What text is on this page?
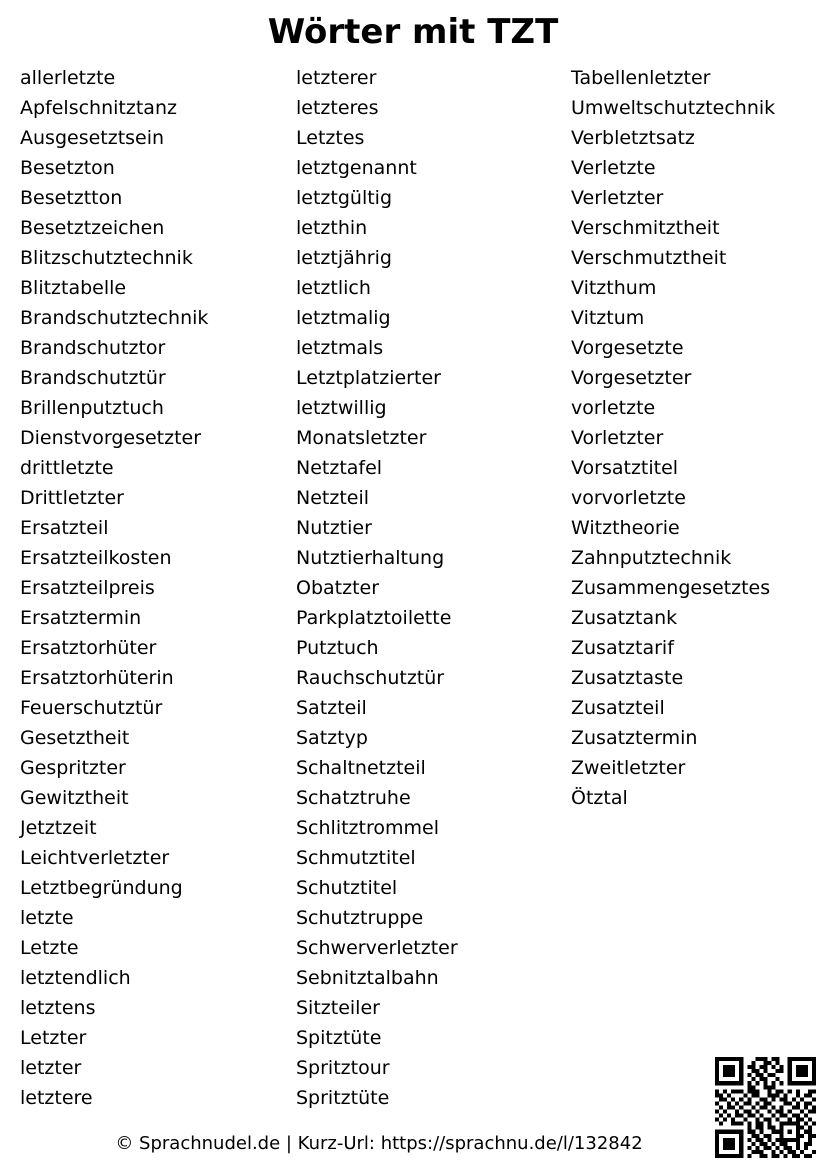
Wörter mit TZT
allerletzte
Apfelschnitztanz
Ausgesetztsein
Besetzton
Besetztton
Besetztzeichen
Blitzschutztechnik
Blitztabelle
Brandschutztechnik
Brandschutztor
Brandschutztür
Brillenputztuch
Dienstvorgesetzter
drittletzte
Drittletzter
Ersatzteil
Ersatzteilkosten
Ersatzteilpreis
Ersatztermin
Ersatztorhüter
Ersatztorhüterin
Feuerschutztür
Gesetztheit
Gespritzter
Gewitztheit
Jetztzeit
Leichtverletzter
Letztbegründung
letzte
Letzte
letztendlich
letztens
Letzter
letzter
letztere
letzterer
letzteres
Letztes
letztgenannt
letztgültig
letzthin
letztjährig
letztlich
letztmalig
letztmals
Letztplatzierter
letztwillig
Monatsletzter
Netztafel
Netzteil
Nutztier
Nutztierhaltung
Obatzter
Parkplatztoilette
Putztuch
Rauchschutztür
Satzteil
Satztyp
Schaltnetzteil
Schatztruhe
Schlitztrommel
Schmutztitel
Schutztitel
Schutztruppe
Schwerverletzter
Sebnitztalbahn
Sitzteiler
Spitztüte
Spritztour
Spritztüte
Tabellenletzter
Umweltschutztechnik
Verbletztsatz
Verletzte
Verletzter
Verschmitztheit
Verschmutztheit
Vitzthum
Vitztum
Vorgesetzte
Vorgesetzter
vorletzte
Vorletzter
Vorsatztitel
vorvorletzte
Witztheorie
Zahnputztechnik
Zusammengesetztes
Zusatztank
Zusatztarif
Zusatztaste
Zusatzteil
Zusatztermin
Zweitletzter
Ötztal
© Sprachnudel.de | Kurz-Url: https://sprachnu.de/l/132842
